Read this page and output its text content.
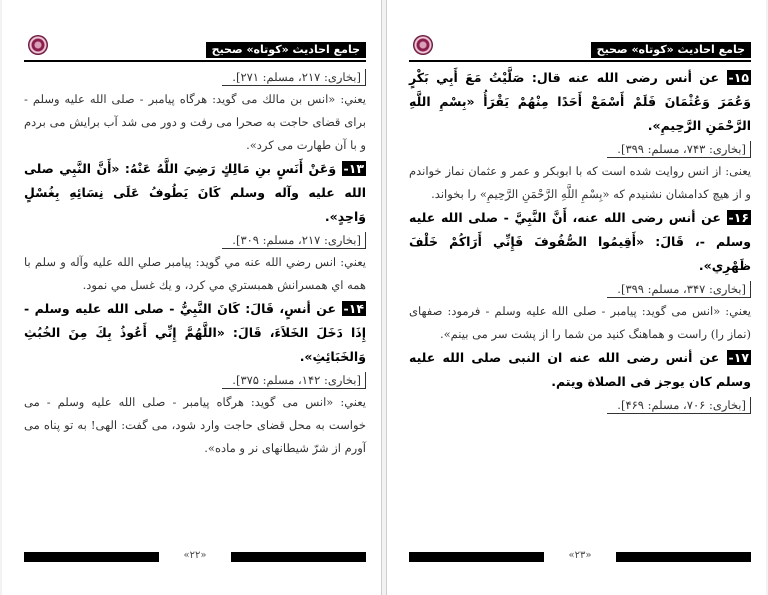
جامع احادیث «کوتاه» صحیح

[بخاری: ۲۱۷، مسلم: ۲۷۱].

یعني: «انس بن مالك مى گويد: هرگاه پيامبر - صلى الله عليه وسلم - براى قضاى حاجت به صحرا مى رفت و دور مى شد آب برايش مى بردم و با آن طهارت مى كرد».

۱۳- وَعَنْ أَنَسٍ بنِ مَالِكٍ رَضِيَ اللَّهُ عَنْهُ: «أَنَّ النَّبِي صلى الله عليه وآله وسلم كَانَ يَطُوفُ عَلَى نِسَائِهِ بِغُسْلٍ وَاحِدٍ».

[بخاری: ۲۱۷، مسلم: ۳۰۹].

يعني: انس رضي الله عنه مي گويد: پيامبر صلي الله عليه وآله و سلم با همه اي همسرانش همبستري مي كرد، و يك غسل مي نمود.

۱۴- عن أنسٍ، قَالَ: كَانَ النَّبِيُّ - صلى الله عليه وسلم - إِذَا دَخَلَ الخَلاَءَ، قَالَ: «اللَّهُمَّ إِنِّي أَعُوذُ بِكَ مِنَ الخُبُثِ وَالخَبَائِثِ».

[بخاری: ۱۴۲، مسلم: ۳۷۵].

يعني: «انس مى گويد: هرگاه پيامبر - صلى الله عليه وسلم - مى خواست به محل قضاى حاجت وارد شود، مى گفت: الهى! به تو پناه مى آورم از شرّ شيطانهاى نر و ماده».

«۲۲»
جامع احادیث «کوتاه» صحیح

۱۵- عن أنس رضى الله عنه قال: صَلَّيْتُ مَعَ أَبِي بَكْرٍ وَعُمَرَ وَعُثْمَانَ فَلَمْ أَسْمَعْ أَحَدًا مِنْهُمْ يَقْرَأُ «بِسْمِ اللَّهِ الرَّحْمَنِ الرَّحِيمِ».

[بخاری: ۷۴۳، مسلم: ۳۹۹].

یعنی: از انس روایت شده است که با ابوبکر و عمر و عثمان نماز خواندم و از هیچ کدامشان نشنیدم که «بِسْمِ اللَّهِ الرَّحْمَنِ الرَّحِيمِ» را بخواند.

۱۶- عن أنس رضى الله عنه، أَنَّ النَّبِيَّ - صلى الله عليه وسلم -، قَالَ: «أَقِيمُوا الصُّفُوفَ فَإِنِّي أَرَاكُمْ خَلْفَ ظَهْرِي».

[بخاری: ۳۴۷، مسلم: ۳۹۹].

يعني: «انس مى گويد: پيامبر - صلى الله عليه وسلم - فرمود: صفهاى (نماز را) راست و هماهنگ كنيد من شما را از پشت سر مى بينم».

۱۷- عن أنس رضى الله عنه ان النبى صلى الله عليه وسلم كان يوجز فى الصلاة ويتم.

[بخاری: ۷۰۶، مسلم: ۴۶۹].

«۲۳»
